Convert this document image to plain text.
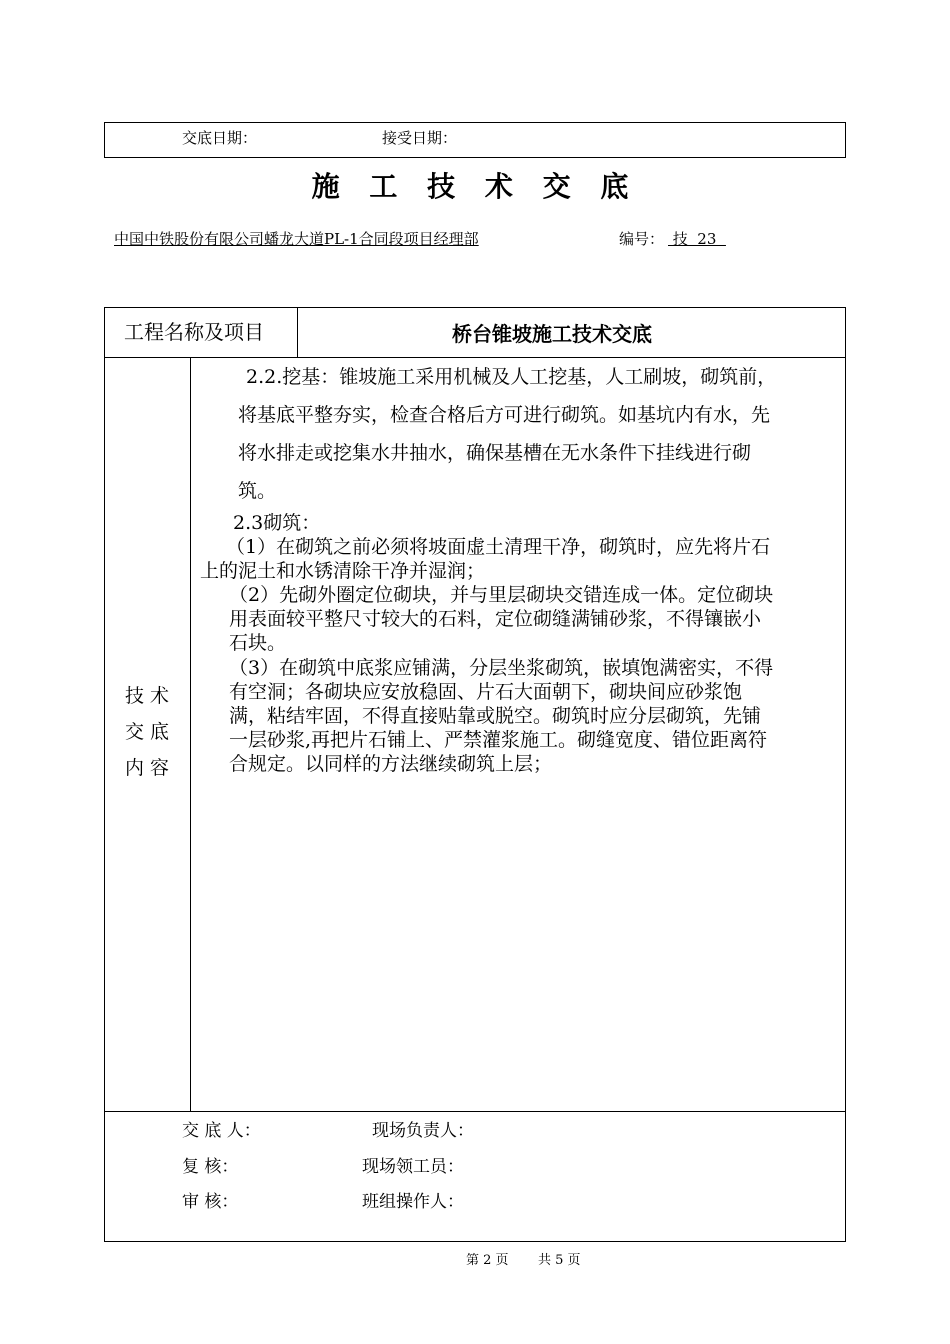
交底日期：	接受日期：
施 工 技 术 交 底
中国中铁股份有限公司蟠龙大道PL-1合同段项目经理部	编号： 技  23
工程名称及项目	桥台锥坡施工技术交底
技 术
交 底
内 容
2.2.挖基：锥坡施工采用机械及人工挖基，人工刷坡，砌筑前，
将基底平整夯实，检查合格后方可进行砌筑。如基坑内有水，先
将水排走或挖集水井抽水，确保基槽在无水条件下挂线进行砌
筑。
2.3砌筑：
（1）在砌筑之前必须将坡面虚土清理干净，砌筑时，应先将片石
上的泥土和水锈清除干净并湿润；
（2）先砌外圈定位砌块，并与里层砌块交错连成一体。定位砌块
用表面较平整尺寸较大的石料，定位砌缝满铺砂浆，不得镶嵌小
石块。
（3）在砌筑中底浆应铺满，分层坐浆砌筑，嵌填饱满密实，不得
有空洞；各砌块应安放稳固、片石大面朝下，砌块间应砂浆饱
满，粘结牢固，不得直接贴靠或脱空。砌筑时应分层砌筑，先铺
一层砂浆,再把片石铺上、严禁灌浆施工。砌缝宽度、错位距离符
合规定。以同样的方法继续砌筑上层；
交 底 人：	现场负责人：
复 核：	现场领工员：
审 核：	班组操作人：
第 2 页 共 5 页
